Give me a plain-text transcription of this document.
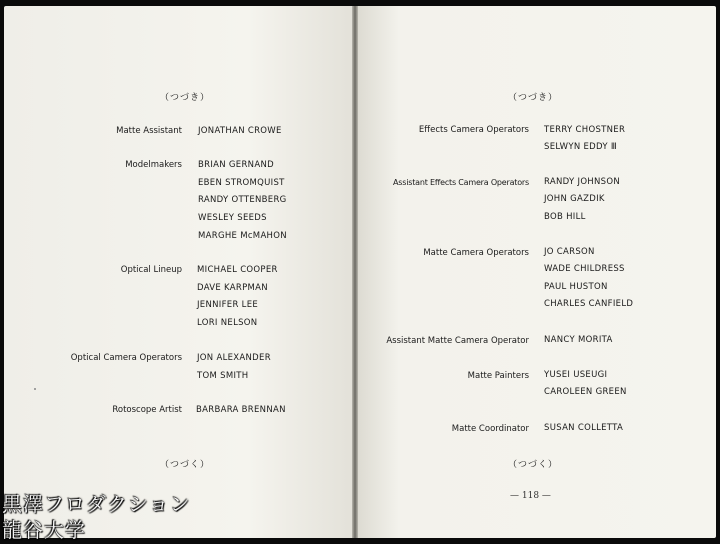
（つづき）
Matte Assistant JONATHAN CROWE
Modelmakers BRIAN GERNAND
EBEN STROMQUIST
RANDY OTTENBERG
WESLEY SEEDS
MARGHE McMAHON
Optical Lineup MICHAEL COOPER
DAVE KARPMAN
JENNIFER LEE
LORI NELSON
Optical Camera Operators JON ALEXANDER
TOM SMITH
Rotoscope Artist BARBARA BRENNAN
（つづく）
（つづき）
Effects Camera Operators TERRY CHOSTNER
SELWYN EDDY Ⅲ
Assistant Effects Camera Operators RANDY JOHNSON
JOHN GAZDIK
BOB HILL
Matte Camera Operators JO CARSON
WADE CHILDRESS
PAUL HUSTON
CHARLES CANFIELD
Assistant Matte Camera Operator NANCY MORITA
Matte Painters YUSEI USEUGI
CAROLEEN GREEN
Matte Coordinator SUSAN COLLETTA
（つづく）
— 118 —
黒澤フロダクション
龍谷大学
